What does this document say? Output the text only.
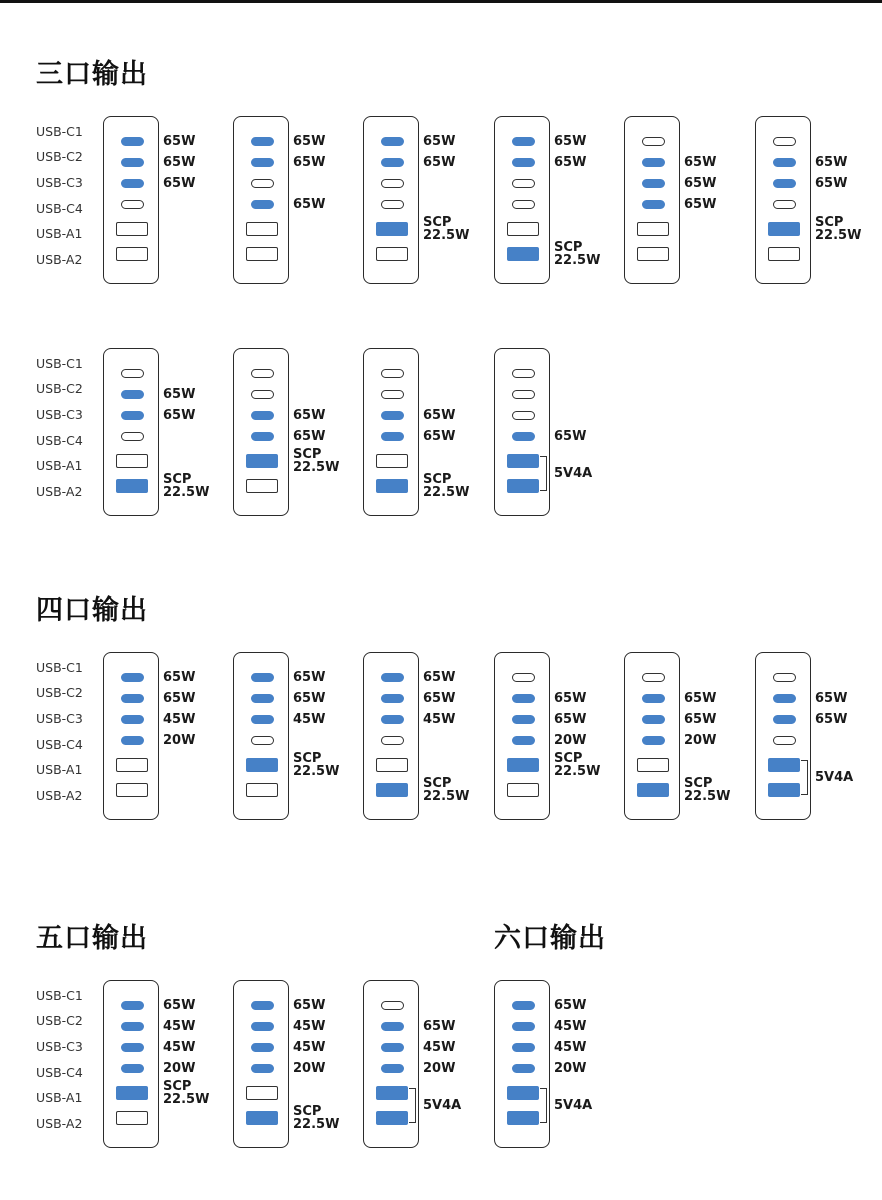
三口输出
USB-C1
USB-C2
USB-C3
USB-C4
USB-A1
USB-A2
65W
65W
65W
65W
65W
65W
65W
65W
SCP
22.5W
65W
65W
SCP
22.5W
65W
65W
65W
65W
65W
SCP
22.5W
USB-C1
USB-C2
USB-C3
USB-C4
USB-A1
USB-A2
65W
65W
SCP
22.5W
65W
65W
SCP
22.5W
65W
65W
SCP
22.5W
65W
5V4A
四口输出
USB-C1
USB-C2
USB-C3
USB-C4
USB-A1
USB-A2
65W
65W
45W
20W
65W
65W
45W
SCP
22.5W
65W
65W
45W
SCP
22.5W
65W
65W
20W
SCP
22.5W
65W
65W
20W
SCP
22.5W
65W
65W
5V4A
五口输出
USB-C1
USB-C2
USB-C3
USB-C4
USB-A1
USB-A2
65W
45W
45W
20W
SCP
22.5W
65W
45W
45W
20W
SCP
22.5W
65W
45W
20W
5V4A
六口输出
65W
45W
45W
20W
5V4A
